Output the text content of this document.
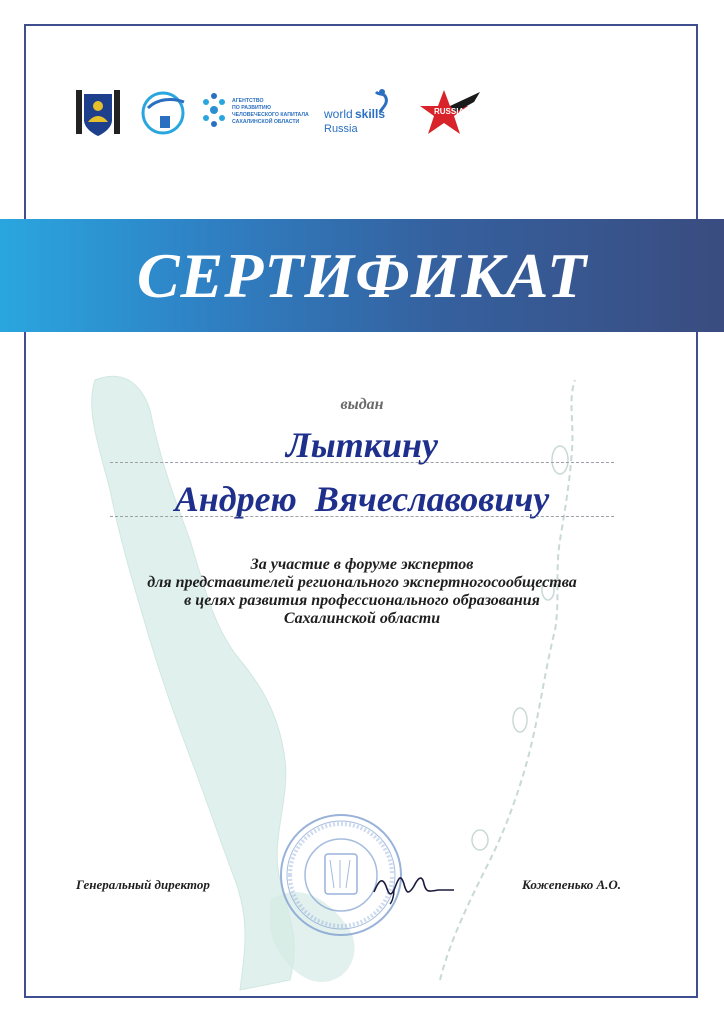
АГЕНТСТВО
ПО РАЗВИТИЮ
ЧЕЛОВЕЧЕСКОГО КАПИТАЛА
САХАЛИНСКОЙ ОБЛАСТИ
world skills
Russia
RUSSIA
СЕРТИФИКАТ
выдан
Лыткину
Андрею  Вячеславовичу
За участие в форуме экспертов
для представителей регионального экспертногосообщества
в целях развития профессионального образования
Сахалинской области
Генеральный директор	Кожепенько А.О.
